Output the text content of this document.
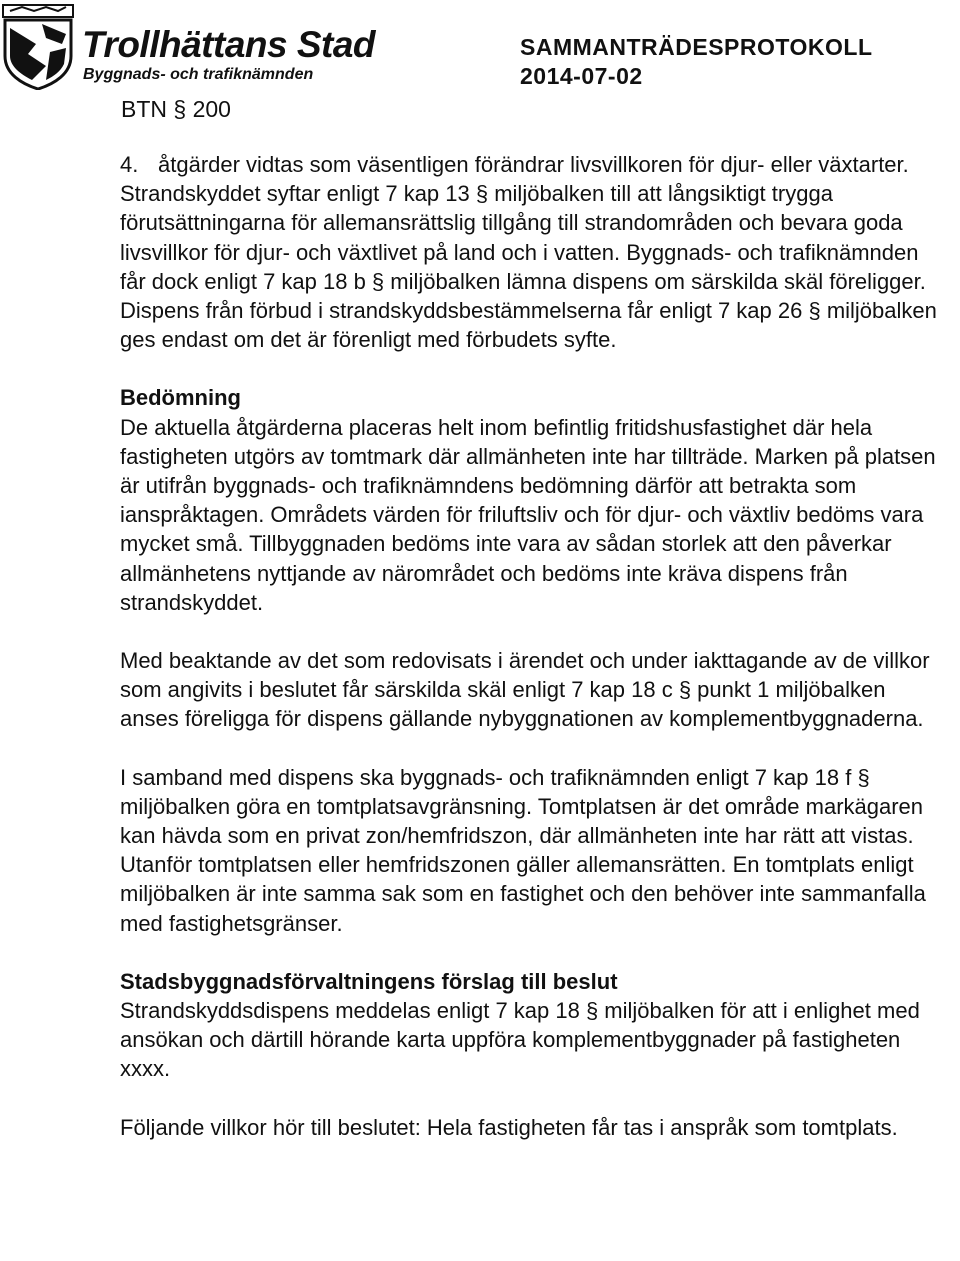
Trollhättans Stad
Byggnads- och trafiknämnden
SAMMANTRÄDESPROTOKOLL
2014-07-02
BTN § 200
4. åtgärder vidtas som väsentligen förändrar livsvillkoren för djur- eller växtarter.

Strandskyddet syftar enligt 7 kap 13 § miljöbalken till att långsiktigt trygga förutsättningarna för allemansrättslig tillgång till strandområden och bevara goda livsvillkor för djur- och växtlivet på land och i vatten. Byggnads- och trafiknämnden får dock enligt 7 kap 18 b § miljöbalken lämna dispens om särskilda skäl föreligger. Dispens från förbud i strandskyddsbestämmelserna får enligt 7 kap 26 § miljöbalken ges endast om det är förenligt med förbudets syfte.

Bedömning

De aktuella åtgärderna placeras helt inom befintlig fritidshusfastighet där hela fastigheten utgörs av tomtmark där allmänheten inte har tillträde. Marken på platsen är utifrån byggnads- och trafiknämndens bedömning därför att betrakta som ianspråktagen. Områdets värden för friluftsliv och för djur- och växtliv bedöms vara mycket små. Tillbyggnaden bedöms inte vara av sådan storlek att den påverkar allmänhetens nyttjande av närområdet och bedöms inte kräva dispens från strandskyddet.

Med beaktande av det som redovisats i ärendet och under iakttagande av de villkor som angivits i beslutet får särskilda skäl enligt 7 kap 18 c § punkt 1 miljöbalken anses föreligga för dispens gällande nybyggnationen av komplementbyggnaderna.

I samband med dispens ska byggnads- och trafiknämnden enligt 7 kap 18 f § miljöbalken göra en tomtplatsavgränsning. Tomtplatsen är det område markägaren kan hävda som en privat zon/hemfridszon, där allmänheten inte har rätt att vistas. Utanför tomtplatsen eller hemfridszonen gäller allemansrätten. En tomtplats enligt miljöbalken är inte samma sak som en fastighet och den behöver inte sammanfalla med fastighetsgränser.

Stadsbyggnadsförvaltningens förslag till beslut

Strandskyddsdispens meddelas enligt 7 kap 18 § miljöbalken för att i enlighet med ansökan och därtill hörande karta uppföra komplementbyggnader på fastigheten xxxx.

Följande villkor hör till beslutet: Hela fastigheten får tas i anspråk som tomtplats.
